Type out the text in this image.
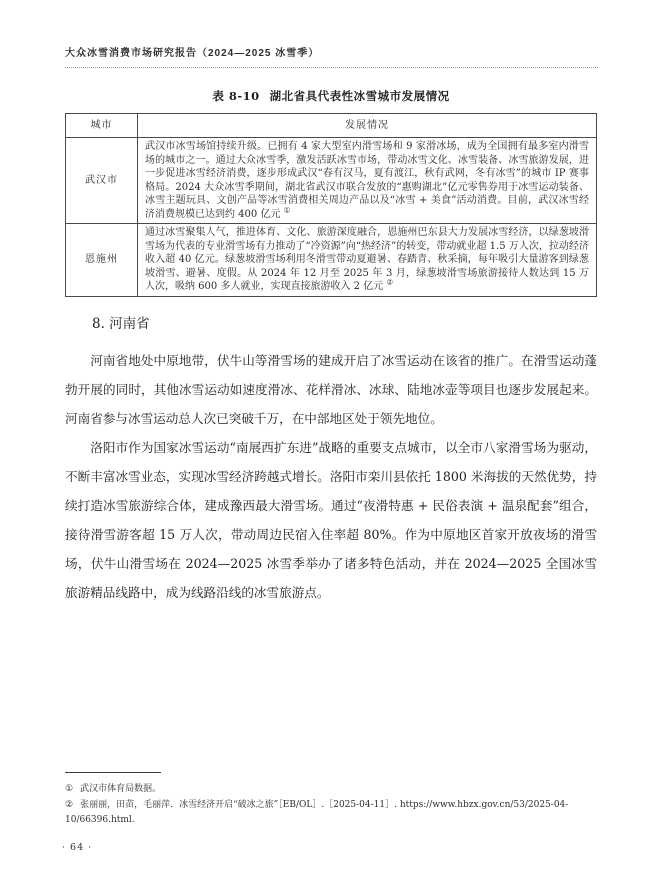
大众冰雪消费市场研究报告（2024—2025 冰雪季）

表 8-10 湖北省具代表性冰雪城市发展情况

城市	发展情况
武汉市	武汉市冰雪场馆持续升级。已拥有 4 家大型室内滑雪场和 9 家滑冰场，成为全国拥有最多室内滑雪场的城市之一。通过大众冰雪季，激发活跃冰雪市场，带动冰雪文化、冰雪装备、冰雪旅游发展，进一步促进冰雪经济消费，逐步形成武汉“春有汉马，夏有渡江，秋有武网，冬有冰雪”的城市 IP 赛事格局。2024 大众冰雪季期间，湖北省武汉市联合发放的“惠购湖北”亿元零售券用于冰雪运动装备、冰雪主题玩具、文创产品等冰雪消费相关周边产品以及“冰雪 + 美食”活动消费。目前，武汉冰雪经济消费规模已达到约 400 亿元 ①
恩施州	通过冰雪聚集人气，推进体育、文化、旅游深度融合，恩施州巴东县大力发展冰雪经济，以绿葱坡滑雪场为代表的专业滑雪场有力推动了“冷资源”向“热经济”的转变，带动就业超 1.5 万人次，拉动经济收入超 40 亿元。绿葱坡滑雪场利用冬滑雪带动夏避暑、春踏青、秋采摘，每年吸引大量游客到绿葱坡滑雪、避暑、度假。从 2024 年 12 月至 2025 年 3 月，绿葱坡滑雪场旅游接待人数达到 15 万人次，吸纳 600 多人就业，实现直接旅游收入 2 亿元 ②
8. 河南省

河南省地处中原地带，伏牛山等滑雪场的建成开启了冰雪运动在该省的推广。在滑雪运动蓬勃开展的同时，其他冰雪运动如速度滑冰、花样滑冰、冰球、陆地冰壶等项目也逐步发展起来。河南省参与冰雪运动总人次已突破千万，在中部地区处于领先地位。

洛阳市作为国家冰雪运动“南展西扩东进”战略的重要支点城市，以全市八家滑雪场为驱动，不断丰富冰雪业态，实现冰雪经济跨越式增长。洛阳市栾川县依托 1800 米海拔的天然优势，持续打造冰雪旅游综合体，建成豫西最大滑雪场。通过“夜滑特惠 + 民俗表演 + 温泉配套”组合，接待滑雪游客超 15 万人次，带动周边民宿入住率超 80%。作为中原地区首家开放夜场的滑雪场，伏牛山滑雪场在 2024—2025 冰雪季举办了诸多特色活动，并在 2024—2025 全国冰雪旅游精品线路中，成为线路沿线的冰雪旅游点。

① 武汉市体育局数据。
② 张丽丽，田苗，毛丽萍．冰雪经济开启“破冰之旅”［EB/OL］.［2025-04-11］. https://www.hbzx.gov.cn/53/2025-04-10/66396.html.
· 64 ·
